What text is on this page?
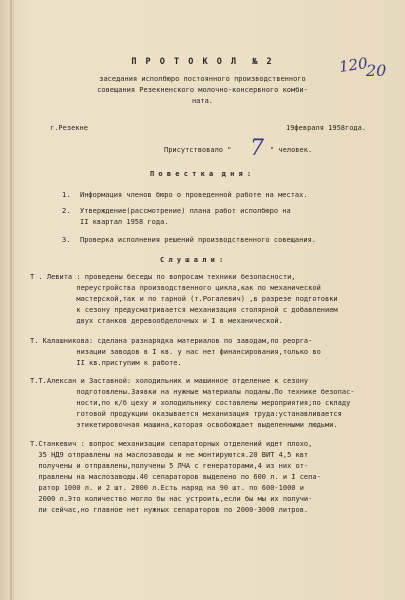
120
20
П Р О Т О К О Л  № 2
заседания исполбюро постоянного производственного
совещания Резекненского молочно-консервного комби-
ната.
г.Резекне	19февраля 1958года.
Присутствовало " 7 " человек.
П о в е с т к а  д н я :
1. Информация членов бюро о проведенной работе на местах.
2. Утверждение(рассмотрение) плана работ исполбюро на
II квартал 1958 года.
3. Проверка исполнения решений производственного совещания.
С л у ш а л и :
Т . Левита : проведены беседы по вопросам техники безопасности,
переустройства производственного цикла,как по механической
мастерской,так и по тарной (т.Рогалевич) ,в разрезе подготовки
к сезону предусматривается механизация столярной с добавлением
двух станков деревообделочных и I в механической.
Т. Калашникова: сделана разнарядка материалов по заводам,по реорга-
низации заводов в I кв. у нас нет финансирования,только во
II кв.приступим к работе.
Т.Т.Алексан и Заставной: холодильник и машинное отделение к сезону
подготовлены.Заявки на нужные материалы поданы.По технике безопас-
ности,по к/б цеху и холодильнику составлены мероприятия;по складу
готовой продукции оказывается механизация труда:устанавливается
этикетировочная машина,которая освобождает выделенными людьми.
Т.Станкевич : вопрос механизации сепараторных отделений идет плохо,
35 НД9 отправлены на маслозаводы и не монтируются.20 ВИТ 4,5 квт
получены и отправлены,получены 5 ЛЧА с генераторами,4 из них от-
правлены на маслозаводы.40 сепараторов выделено по 600 л. и I сепа-
ратор 1000 л. и 2 шт. 2000 л.Есть наряд на 90 шт. по 600-1000 и
2000 л.Это количество могло бы нас устроить,если бы мы их получи-
ли сейчас,но главное нет нужных сепараторов по 2000-3000 литров.
